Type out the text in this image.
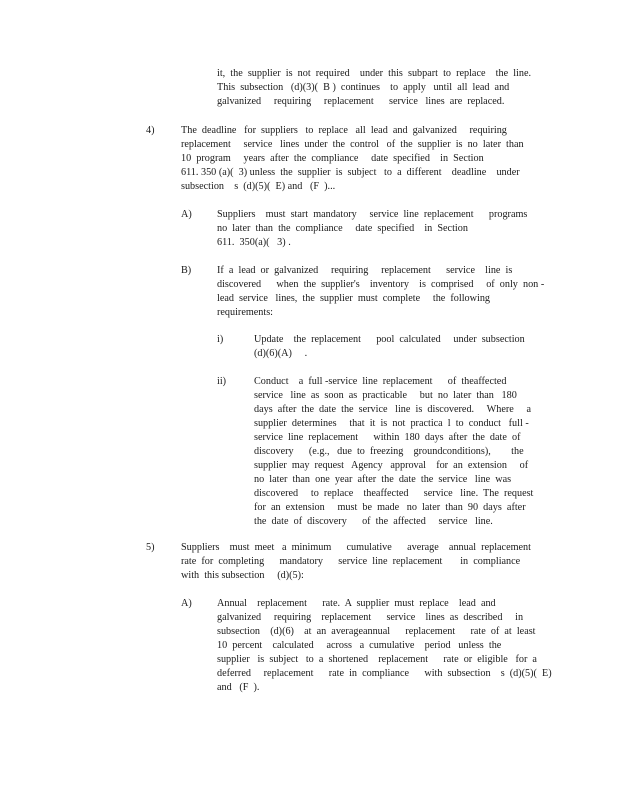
it,  the  supplier  is  not  required    under  this  subpart  to  replace    the  line.

This  subsection   (d)(3)(  B )  continues    to  apply   until  all  lead  and

galvanized     requiring     replacement      service   lines  are  replaced.

4)	The  deadline   for  suppliers   to  replace   all  lead  and  galvanized     requiring

replacement     service   lines  under  the  control   of  the  supplier  is  no  later  than

10  program     years  after  the  compliance     date  specified    in  Section

611. 350 (a)(  3) unless  the  supplier  is  subject   to  a  different    deadline    under

subsection    s  (d)(5)(  E) and   (F  )...

A) Suppliers    must  start  mandatory     service  line  replacement      programs

no  later  than  the  compliance     date  specified    in  Section

611.  350(a)(   3) .

B)	If  a  lead  or  galvanized     requiring     replacement      service    line  is

discovered      when  the  supplier's    inventory    is  comprised     of  only  non -

lead  service   lines,  the  supplier  must  complete     the  following

requirements:

i)	Update    the  replacement      pool  calculated     under  subsection

(d)(6)(A)     .

ii)	Conduct    a  full -service  line  replacement      of  theaffected

service   line  as  soon  as  practicable     but  no  later  than   180

days  after  the  date  the  service   line  is  discovered.     Where     a

supplier  determines     that  it  is  not  practica  l  to  conduct   full -

service  line  replacement      within  180  days  after  the  date  of

discovery      (e.g.,   due  to  freezing    groundconditions),        the

supplier  may  request   Agency   approval    for  an  extension     of

no  later  than  one  year  after  the  date  the  service   line  was

discovered     to  replace    theaffected      service   line.  The  request

for  an  extension     must  be  made   no  later  than  90  days  after

the  date  of  discovery      of  the  affected     service   line.

5)	Suppliers    must  meet   a  minimum      cumulative      average    annual  replacement

rate  for  completing      mandatory      service  line  replacement       in  compliance

with  this subsection     (d)(5):

A) Annual    replacement      rate.  A  supplier  must  replace    lead  and

galvanized     requiring    replacement      service    lines  as  described     in

subsection    (d)(6)    at  an  averageannual      replacement      rate  of  at  least

10  percent    calculated     across   a  cumulative    period   unless  the

supplier   is  subject   to  a  shortened    replacement      rate  or  eligible   for  a

deferred     replacement      rate  in  compliance      with  subsection    s  (d)(5)(  E)

and   (F  ).
